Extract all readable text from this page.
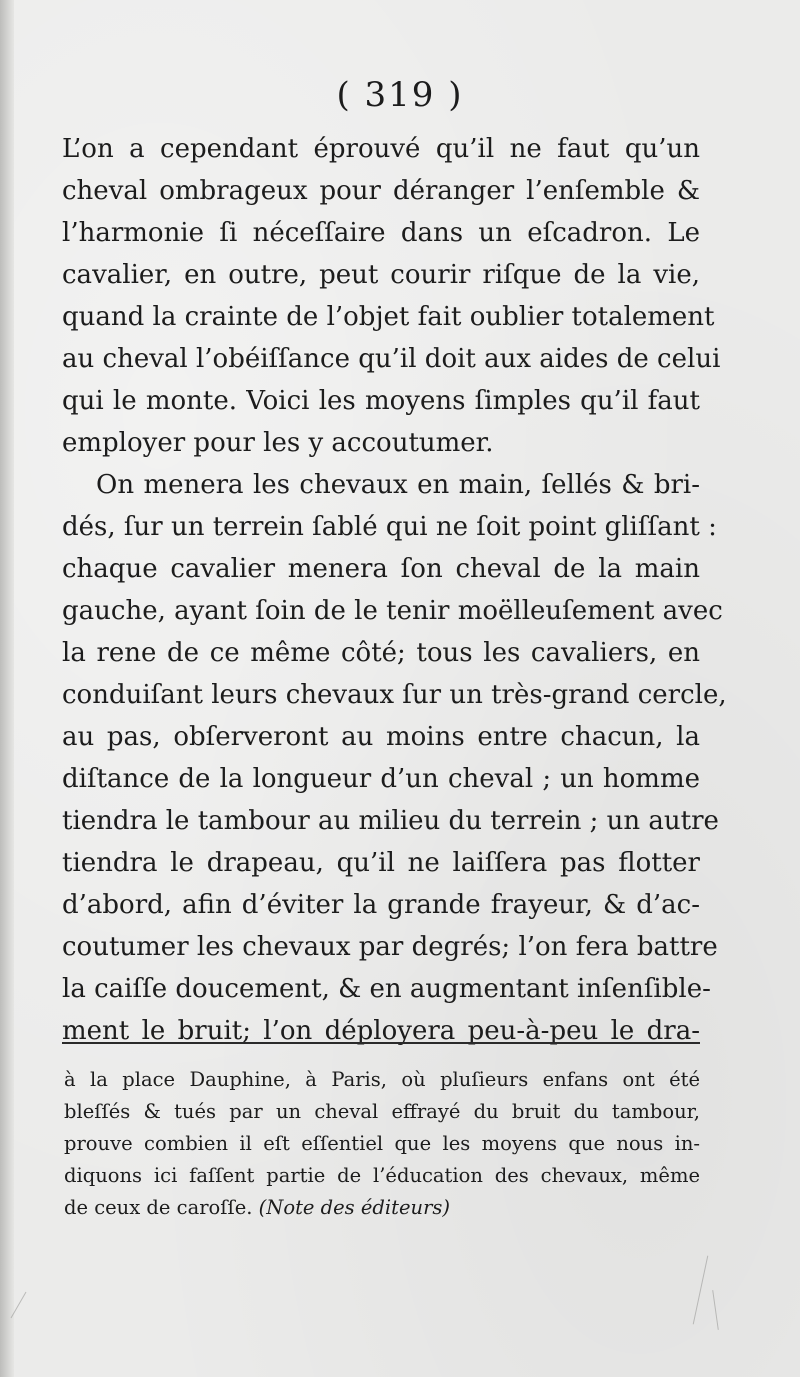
( 319 )
L’on a cependant éprouvé qu’il ne faut qu’un
cheval ombrageux pour déranger l’enſemble &
l’harmonie ſi néceſſaire dans un eſcadron. Le
cavalier, en outre, peut courir riſque de la vie,
quand la crainte de l’objet fait oublier totalement
au cheval l’obéiſſance qu’il doit aux aides de celui
qui le monte. Voici les moyens ſimples qu’il faut
employer pour les y accoutumer.
On menera les chevaux en main, ſellés & bri-
dés, ſur un terrein ſablé qui ne ſoit point gliſſant :
chaque cavalier menera ſon cheval de la main
gauche, ayant ſoin de le tenir moëlleuſement avec
la rene de ce même côté; tous les cavaliers, en
conduiſant leurs chevaux ſur un très-grand cercle,
au pas, obſerveront au moins entre chacun, la
diſtance de la longueur d’un cheval ; un homme
tiendra le tambour au milieu du terrein ; un autre
tiendra le drapeau, qu’il ne laiſſera pas flotter
d’abord, afin d’éviter la grande frayeur, & d’ac-
coutumer les chevaux par degrés; l’on fera battre
la caiſſe doucement, & en augmentant inſenſible-
ment le bruit; l’on déployera peu-à-peu le dra-
à la place Dauphine, à Paris, où pluſieurs enfans ont été
bleſſés & tués par un cheval effrayé du bruit du tambour,
prouve combien il eſt eſſentiel que les moyens que nous in-
diquons ici faſſent partie de l’éducation des chevaux, même
de ceux de caroſſe. (Note des éditeurs)
